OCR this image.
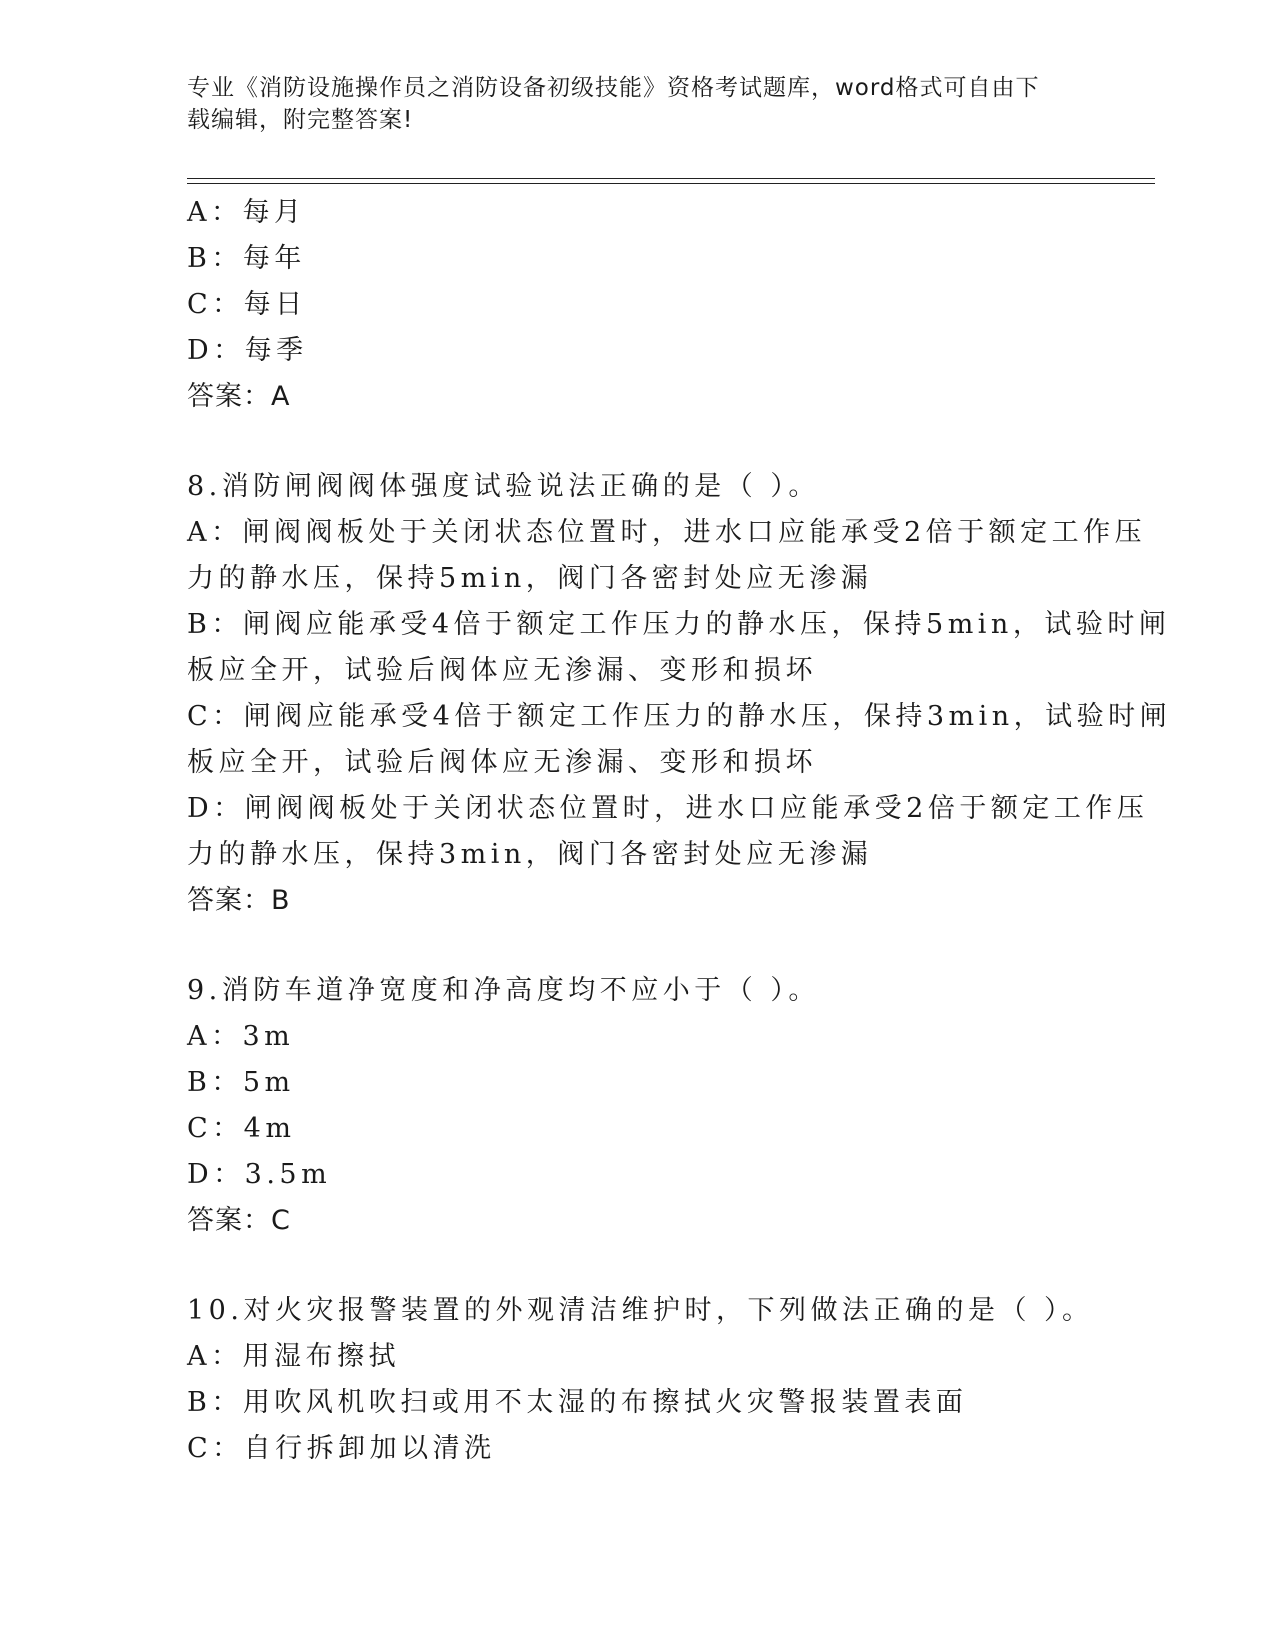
专业《消防设施操作员之消防设备初级技能》资格考试题库，word格式可自由下
载编辑，附完整答案!
A：每月
B：每年
C：每日
D：每季
答案：A
8.消防闸阀阀体强度试验说法正确的是（ ）。
A：闸阀阀板处于关闭状态位置时，进水口应能承受2倍于额定工作压
力的静水压，保持5min，阀门各密封处应无渗漏
B：闸阀应能承受4倍于额定工作压力的静水压，保持5min，试验时闸
板应全开，试验后阀体应无渗漏、变形和损坏
C：闸阀应能承受4倍于额定工作压力的静水压，保持3min，试验时闸
板应全开，试验后阀体应无渗漏、变形和损坏
D：闸阀阀板处于关闭状态位置时，进水口应能承受2倍于额定工作压
力的静水压，保持3min，阀门各密封处应无渗漏
答案：B
9.消防车道净宽度和净高度均不应小于（ ）。
A：3m
B：5m
C：4m
D：3.5m
答案：C
10.对火灾报警装置的外观清洁维护时，下列做法正确的是（ ）。
A：用湿布擦拭
B：用吹风机吹扫或用不太湿的布擦拭火灾警报装置表面
C：自行拆卸加以清洗
